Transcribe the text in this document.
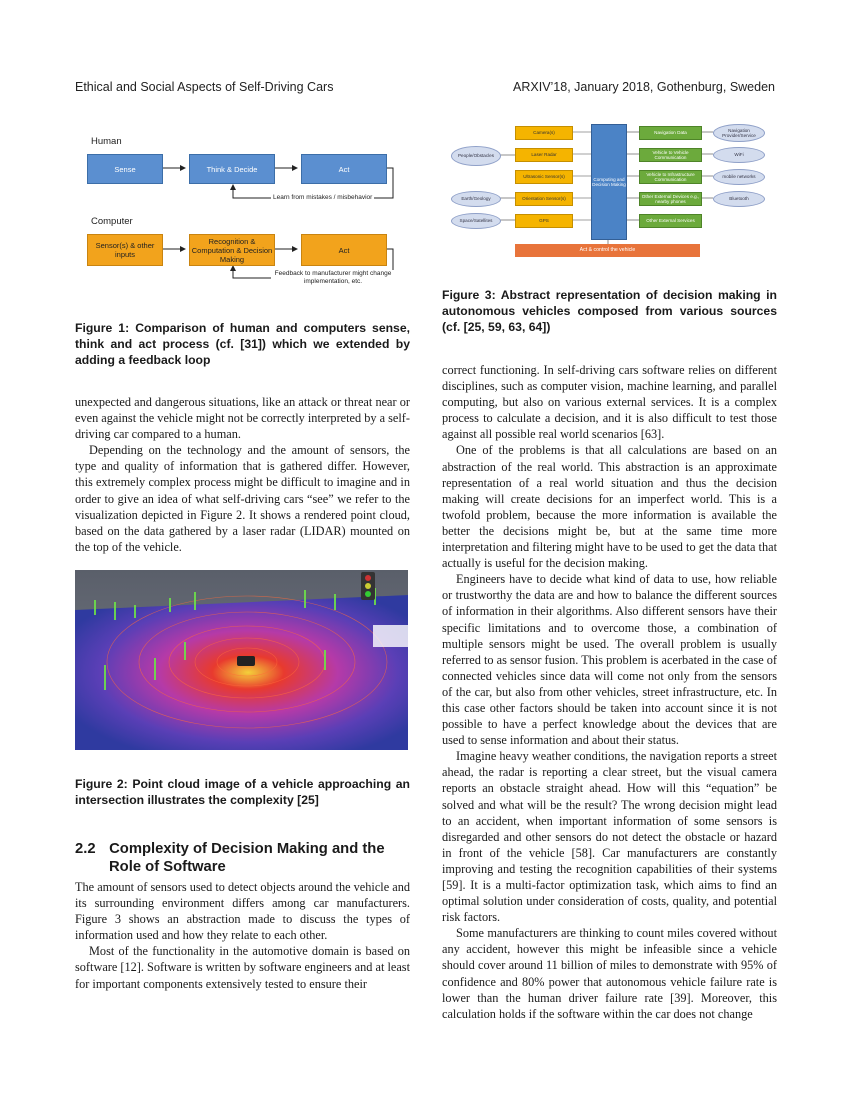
Ethical and Social Aspects of Self-Driving Cars	ARXIV’18, January 2018, Gothenburg, Sweden
Human
Sense	Think & Decide	Act
Learn from mistakes / misbehavior
Computer
Sensor(s) & other inputs
Recognition & Computation & Decision Making
Act
Feedback to manufacturer might change implementation, etc.
Figure 1: Comparison of human and computers sense, think and act process (cf. [31]) which we extended by adding a feedback loop

unexpected and dangerous situations, like an attack or threat near or even against the vehicle might not be correctly interpreted by a self-driving car compared to a human.

Depending on the technology and the amount of sensors, the type and quality of information that is gathered differ. However, this extremely complex process might be difficult to imagine and in order to give an idea of what self-driving cars “see” we refer to the visualization depicted in Figure 2. It shows a rendered point cloud, based on the data gathered by a laser radar (LIDAR) mounted on the top of the vehicle.

Figure 2: Point cloud image of a vehicle approaching an intersection illustrates the complexity [25]
2.2 Complexity of Decision Making and the
Role of Software

The amount of sensors used to detect objects around the vehicle and its surrounding environment differs among car manufacturers. Figure 3 shows an abstraction made to discuss the types of information used and how they relate to each other.

Most of the functionality in the automotive domain is based on software [12]. Software is written by software engineers and at least for important components extensively tested to ensure their

People/Obstacles
Earth/Geology
Space/Satellites
Camera(s)
Laser Radar
Ultrasonic Sensor(s)
Orientation Sensor(s)
GPS
Computing and Decision Making
Navigation Data
Vehicle to Vehicle Communication
Vehicle to Infrastructure Communication
Other External Devices e.g., nearby phones
Other External Services
Navigation Provider/Service
WiFi
mobile networks
Bluetooth
Act & control the vehicle
Figure 3: Abstract representation of decision making in autonomous vehicles composed from various sources (cf. [25, 59, 63, 64])

correct functioning. In self-driving cars software relies on different disciplines, such as computer vision, machine learning, and parallel computing, but also on various external services. It is a complex process to calculate a decision, and it is also difficult to test those against all possible real world scenarios [63].

One of the problems is that all calculations are based on an abstraction of the real world. This abstraction is an approximate representation of a real world situation and thus the decision making will create decisions for an imperfect world. This is a twofold problem, because the more information is available the better the decisions might be, but at the same time more interpretation and filtering might have to be used to get the data that actually is useful for the decision making.

Engineers have to decide what kind of data to use, how reliable or trustworthy the data are and how to balance the different sources of information in their algorithms. Also different sensors have their specific limitations and to overcome those, a combination of multiple sensors might be used. The overall problem is usually referred to as sensor fusion. This problem is acerbated in the case of connected vehicles since data will come not only from the sensors of the car, but also from other vehicles, street infrastructure, etc. In this case other factors should be taken into account since it is not possible to have a perfect knowledge about the devices that are used to sense information and about their status.

Imagine heavy weather conditions, the navigation reports a street ahead, the radar is reporting a clear street, but the visual camera reports an obstacle straight ahead. How will this “equation” be solved and what will be the result? The wrong decision might lead to an accident, when important information of some sensors is disregarded and other sensors do not detect the obstacle or hazard in front of the vehicle [58]. Car manufacturers are constantly improving and testing the recognition capabilities of their systems [59]. It is a multi-factor optimization task, which aims to find an optimal solution under consideration of costs, quality, and potential risk factors.

Some manufacturers are thinking to count miles covered without any accident, however this might be infeasible since a vehicle should cover around 11 billion of miles to demonstrate with 95% of confidence and 80% power that autonomous vehicle failure rate is lower than the human driver failure rate [39]. Moreover, this calculation holds if the software within the car does not change
